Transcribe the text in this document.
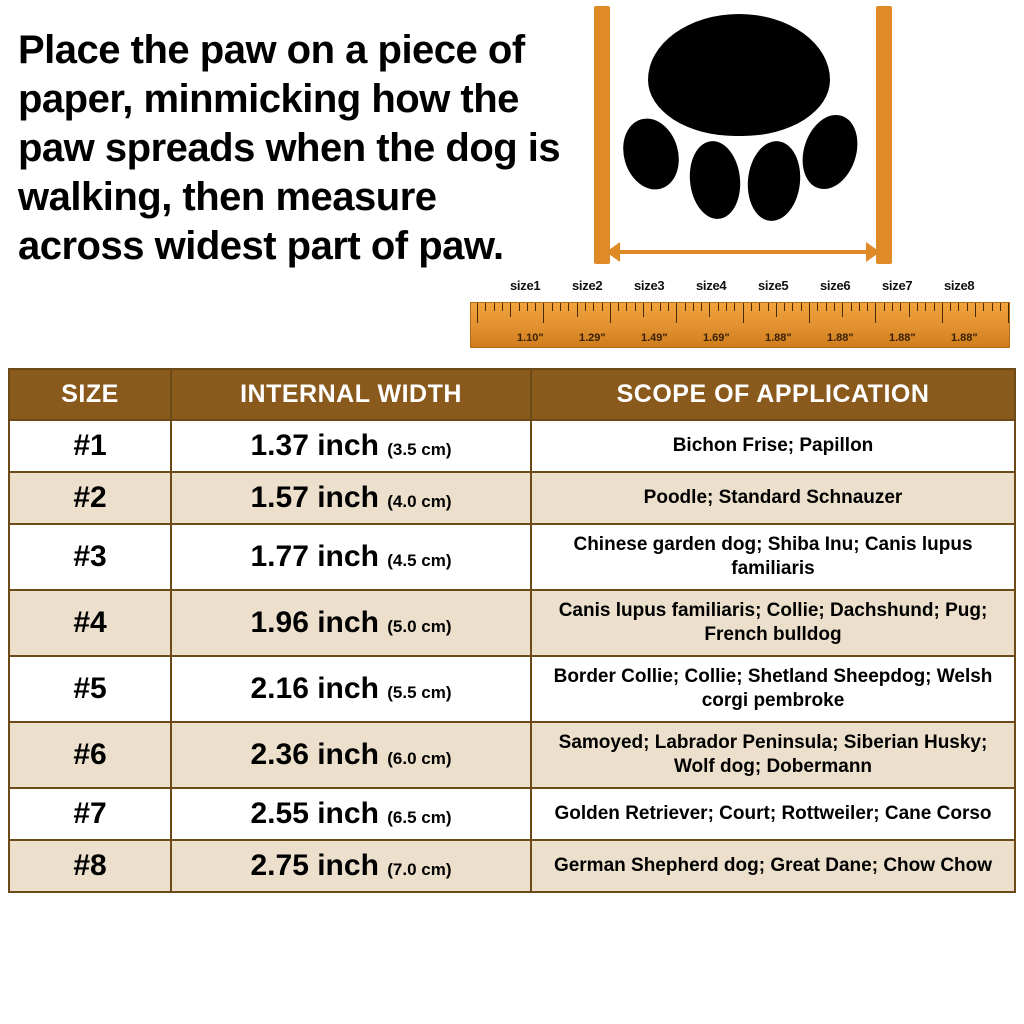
Place the paw on a piece of paper, minmicking how the paw spreads when the dog is walking, then measure across widest part of paw.
size1 size2 size3 size4 size5 size6 size7 size8
1.10"	1.29"	1.49"	1.69"	1.88"	1.88"	1.88"	1.88"
SIZE	INTERNAL WIDTH	SCOPE OF APPLICATION
#1	1.37 inch (3.5 cm)	Bichon Frise; Papillon
#2	1.57 inch (4.0 cm)	Poodle; Standard Schnauzer
#3	1.77 inch (4.5 cm)	Chinese garden dog; Shiba Inu; Canis lupus familiaris
#4	1.96 inch (5.0 cm)	Canis lupus familiaris; Collie; Dachshund; Pug; French bulldog
#5	2.16 inch (5.5 cm)	Border Collie; Collie; Shetland Sheepdog; Welsh corgi pembroke
#6	2.36 inch (6.0 cm)	Samoyed; Labrador Peninsula; Siberian Husky; Wolf dog; Dobermann
#7	2.55 inch (6.5 cm)	Golden Retriever; Court; Rottweiler; Cane Corso
#8	2.75 inch (7.0 cm)	German Shepherd dog; Great Dane; Chow Chow
